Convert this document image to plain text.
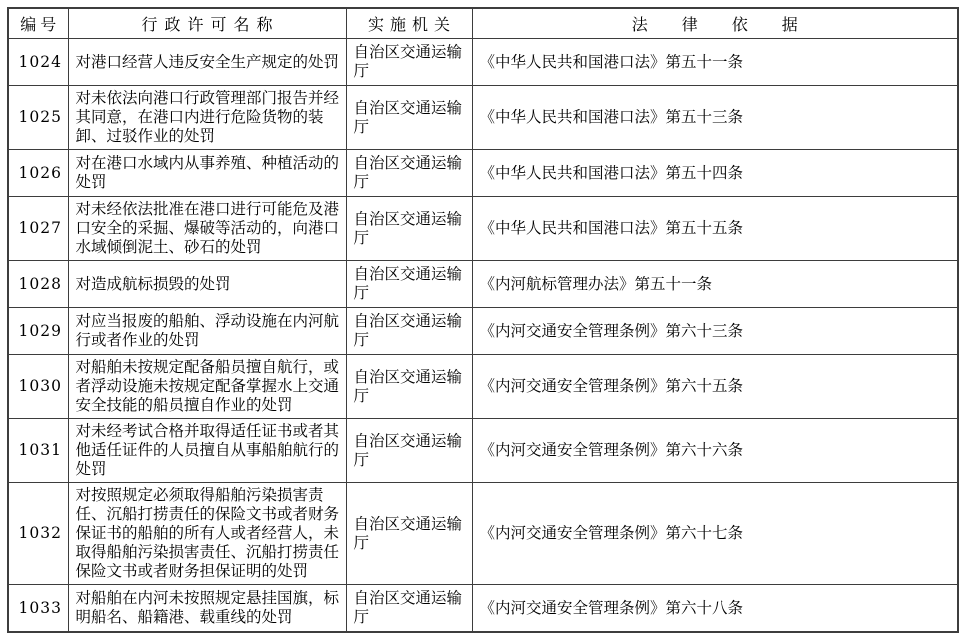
编号	行政许可名称	实施机关	法律依据
1024	对港口经营人违反安全生产规定的处罚	自治区交通运输厅	《中华人民共和国港口法》第五十一条
1025	对未依法向港口行政管理部门报告并经其同意，在港口内进行危险货物的装卸、过驳作业的处罚	自治区交通运输厅	《中华人民共和国港口法》第五十三条
1026	对在港口水域内从事养殖、种植活动的处罚	自治区交通运输厅	《中华人民共和国港口法》第五十四条
1027	对未经依法批准在港口进行可能危及港口安全的采掘、爆破等活动的，向港口水域倾倒泥土、砂石的处罚	自治区交通运输厅	《中华人民共和国港口法》第五十五条
1028	对造成航标损毁的处罚	自治区交通运输厅	《内河航标管理办法》第五十一条
1029	对应当报废的船舶、浮动设施在内河航行或者作业的处罚	自治区交通运输厅	《内河交通安全管理条例》第六十三条
1030	对船舶未按规定配备船员擅自航行，或者浮动设施未按规定配备掌握水上交通安全技能的船员擅自作业的处罚	自治区交通运输厅	《内河交通安全管理条例》第六十五条
1031	对未经考试合格并取得适任证书或者其他适任证件的人员擅自从事船舶航行的处罚	自治区交通运输厅	《内河交通安全管理条例》第六十六条
1032	对按照规定必须取得船舶污染损害责任、沉船打捞责任的保险文书或者财务保证书的船舶的所有人或者经营人，未取得船舶污染损害责任、沉船打捞责任保险文书或者财务担保证明的处罚	自治区交通运输厅	《内河交通安全管理条例》第六十七条
1033	对船舶在内河未按照规定悬挂国旗，标明船名、船籍港、载重线的处罚	自治区交通运输厅	《内河交通安全管理条例》第六十八条
